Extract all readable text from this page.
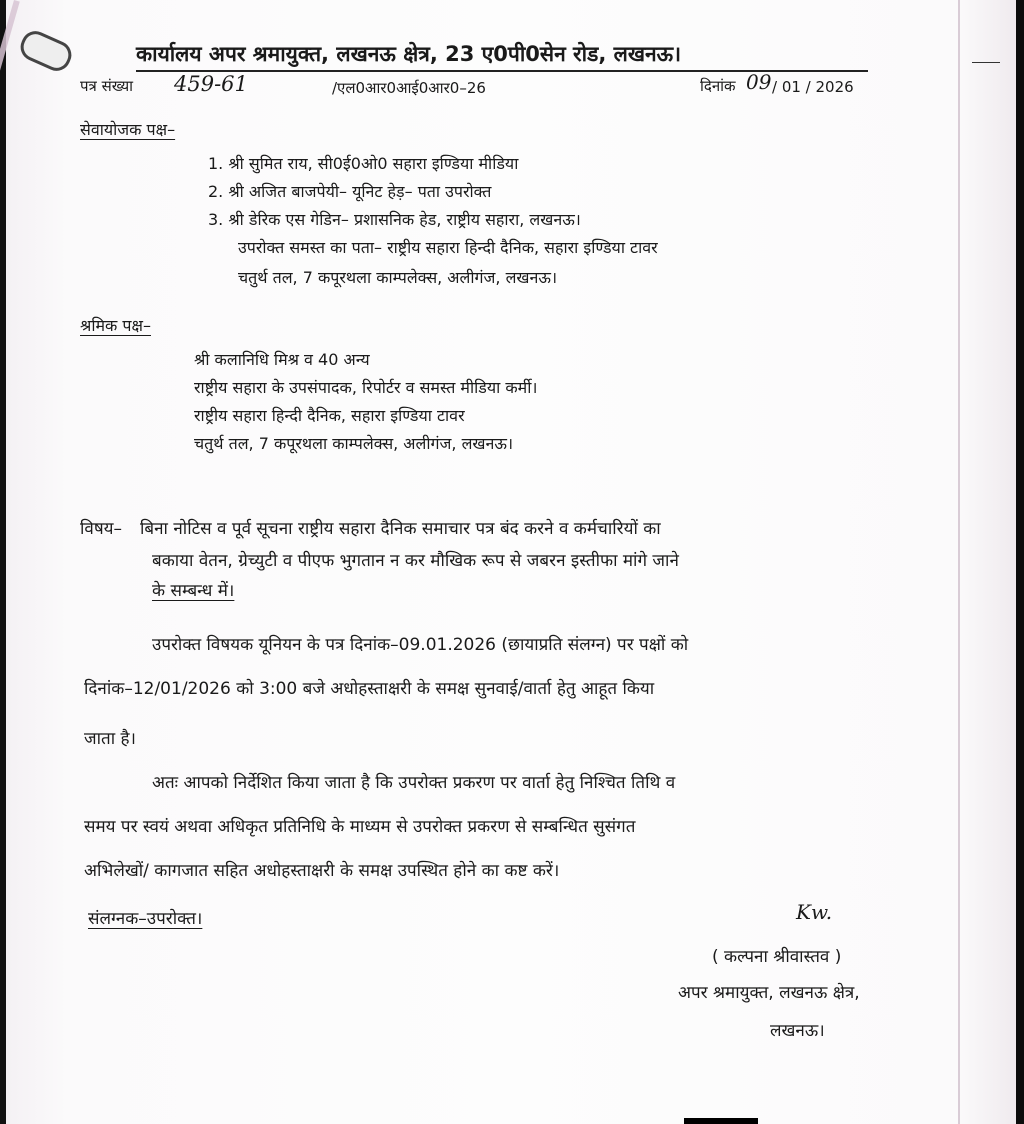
कार्यालय अपर श्रमायुक्त, लखनऊ क्षेत्र, 23 ए0पी0सेन रोड, लखनऊ।
पत्र संख्या 459-61	/एल0आर0आई0आर0–26	दिनांक 09 / 01 / 2026
सेवायोजक पक्ष–
1. श्री सुमित राय, सी0ई0ओ0 सहारा इण्डिया मीडिया
2. श्री अजित बाजपेयी– यूनिट हेड़– पता उपरोक्त
3. श्री डेरिक एस गेडिन– प्रशासनिक हेड, राष्ट्रीय सहारा, लखनऊ।
उपरोक्त समस्त का पता– राष्ट्रीय सहारा हिन्दी दैनिक, सहारा इण्डिया टावर
चतुर्थ तल, 7 कपूरथला काम्पलेक्स, अलीगंज, लखनऊ।
श्रमिक पक्ष–
श्री कलानिधि मिश्र व 40 अन्य
राष्ट्रीय सहारा के उपसंपादक, रिपोर्टर व समस्त मीडिया कर्मी।
राष्ट्रीय सहारा हिन्दी दैनिक, सहारा इण्डिया टावर
चतुर्थ तल, 7 कपूरथला काम्पलेक्स, अलीगंज, लखनऊ।
विषय– बिना नोटिस व पूर्व सूचना राष्ट्रीय सहारा दैनिक समाचार पत्र बंद करने व कर्मचारियों का
बकाया वेतन, ग्रेच्युटी व पीएफ भुगतान न कर मौखिक रूप से जबरन इस्तीफा मांगे जाने
के सम्बन्ध में।
उपरोक्त विषयक यूनियन के पत्र दिनांक–09.01.2026 (छायाप्रति संलग्न) पर पक्षों को
दिनांक–12/01/2026 को 3:00 बजे अधोहस्ताक्षरी के समक्ष सुनवाई/वार्ता हेतु आहूत किया
जाता है।
अतः आपको निर्देशित किया जाता है कि उपरोक्त प्रकरण पर वार्ता हेतु निश्चित तिथि व
समय पर स्वयं अथवा अधिकृत प्रतिनिधि के माध्यम से उपरोक्त प्रकरण से सम्बन्धित सुसंगत
अभिलेखों/ कागजात सहित अधोहस्ताक्षरी के समक्ष उपस्थित होने का कष्ट करें।
संलग्नक–उपरोक्त।	Kw.
( कल्पना श्रीवास्तव )
अपर श्रमायुक्त, लखनऊ क्षेत्र,
लखनऊ।
